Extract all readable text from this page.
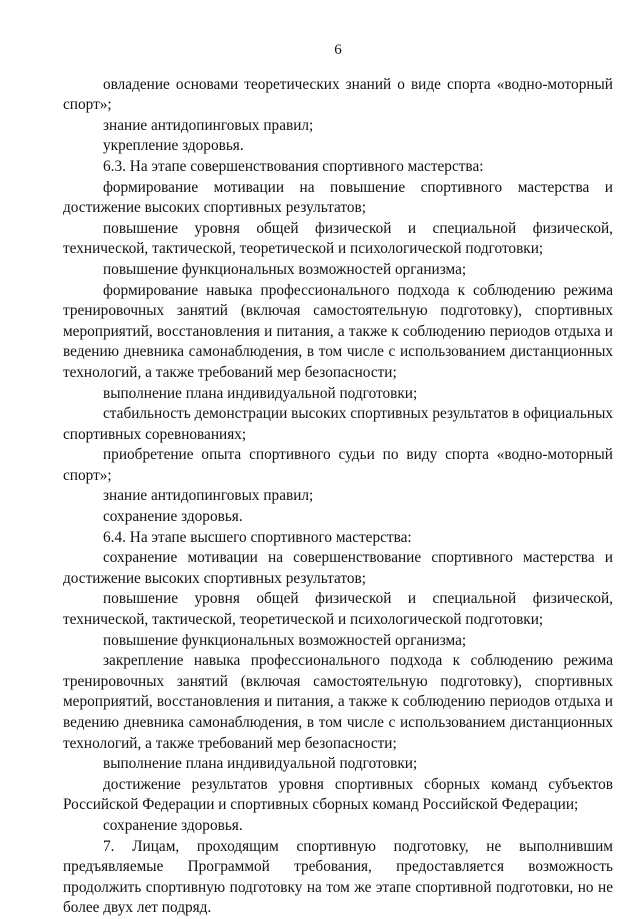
6

овладение основами теоретических знаний о виде спорта «водно-моторный спорт»;

знание антидопинговых правил;

укрепление здоровья.

6.3. На этапе совершенствования спортивного мастерства:

формирование мотивации на повышение спортивного мастерства и достижение высоких спортивных результатов;

повышение уровня общей физической и специальной физической, технической, тактической, теоретической и психологической подготовки;

повышение функциональных возможностей организма;

формирование навыка профессионального подхода к соблюдению режима тренировочных занятий (включая самостоятельную подготовку), спортивных мероприятий, восстановления и питания, а также к соблюдению периодов отдыха и ведению дневника самонаблюдения, в том числе с использованием дистанционных технологий, а также требований мер безопасности;

выполнение плана индивидуальной подготовки;

стабильность демонстрации высоких спортивных результатов в официальных спортивных соревнованиях;

приобретение опыта спортивного судьи по виду спорта «водно-моторный спорт»;

знание антидопинговых правил;

сохранение здоровья.

6.4. На этапе высшего спортивного мастерства:

сохранение мотивации на совершенствование спортивного мастерства и достижение высоких спортивных результатов;

повышение уровня общей физической и специальной физической, технической, тактической, теоретической и психологической подготовки;

повышение функциональных возможностей организма;

закрепление навыка профессионального подхода к соблюдению режима тренировочных занятий (включая самостоятельную подготовку), спортивных мероприятий, восстановления и питания, а также к соблюдению периодов отдыха и ведению дневника самонаблюдения, в том числе с использованием дистанционных технологий, а также требований мер безопасности;

выполнение плана индивидуальной подготовки;

достижение результатов уровня спортивных сборных команд субъектов Российской Федерации и спортивных сборных команд Российской Федерации;

сохранение здоровья.

7. Лицам, проходящим спортивную подготовку, не выполнившим предъявляемые Программой требования, предоставляется возможность продолжить спортивную подготовку на том же этапе спортивной подготовки, но не более двух лет подряд.
